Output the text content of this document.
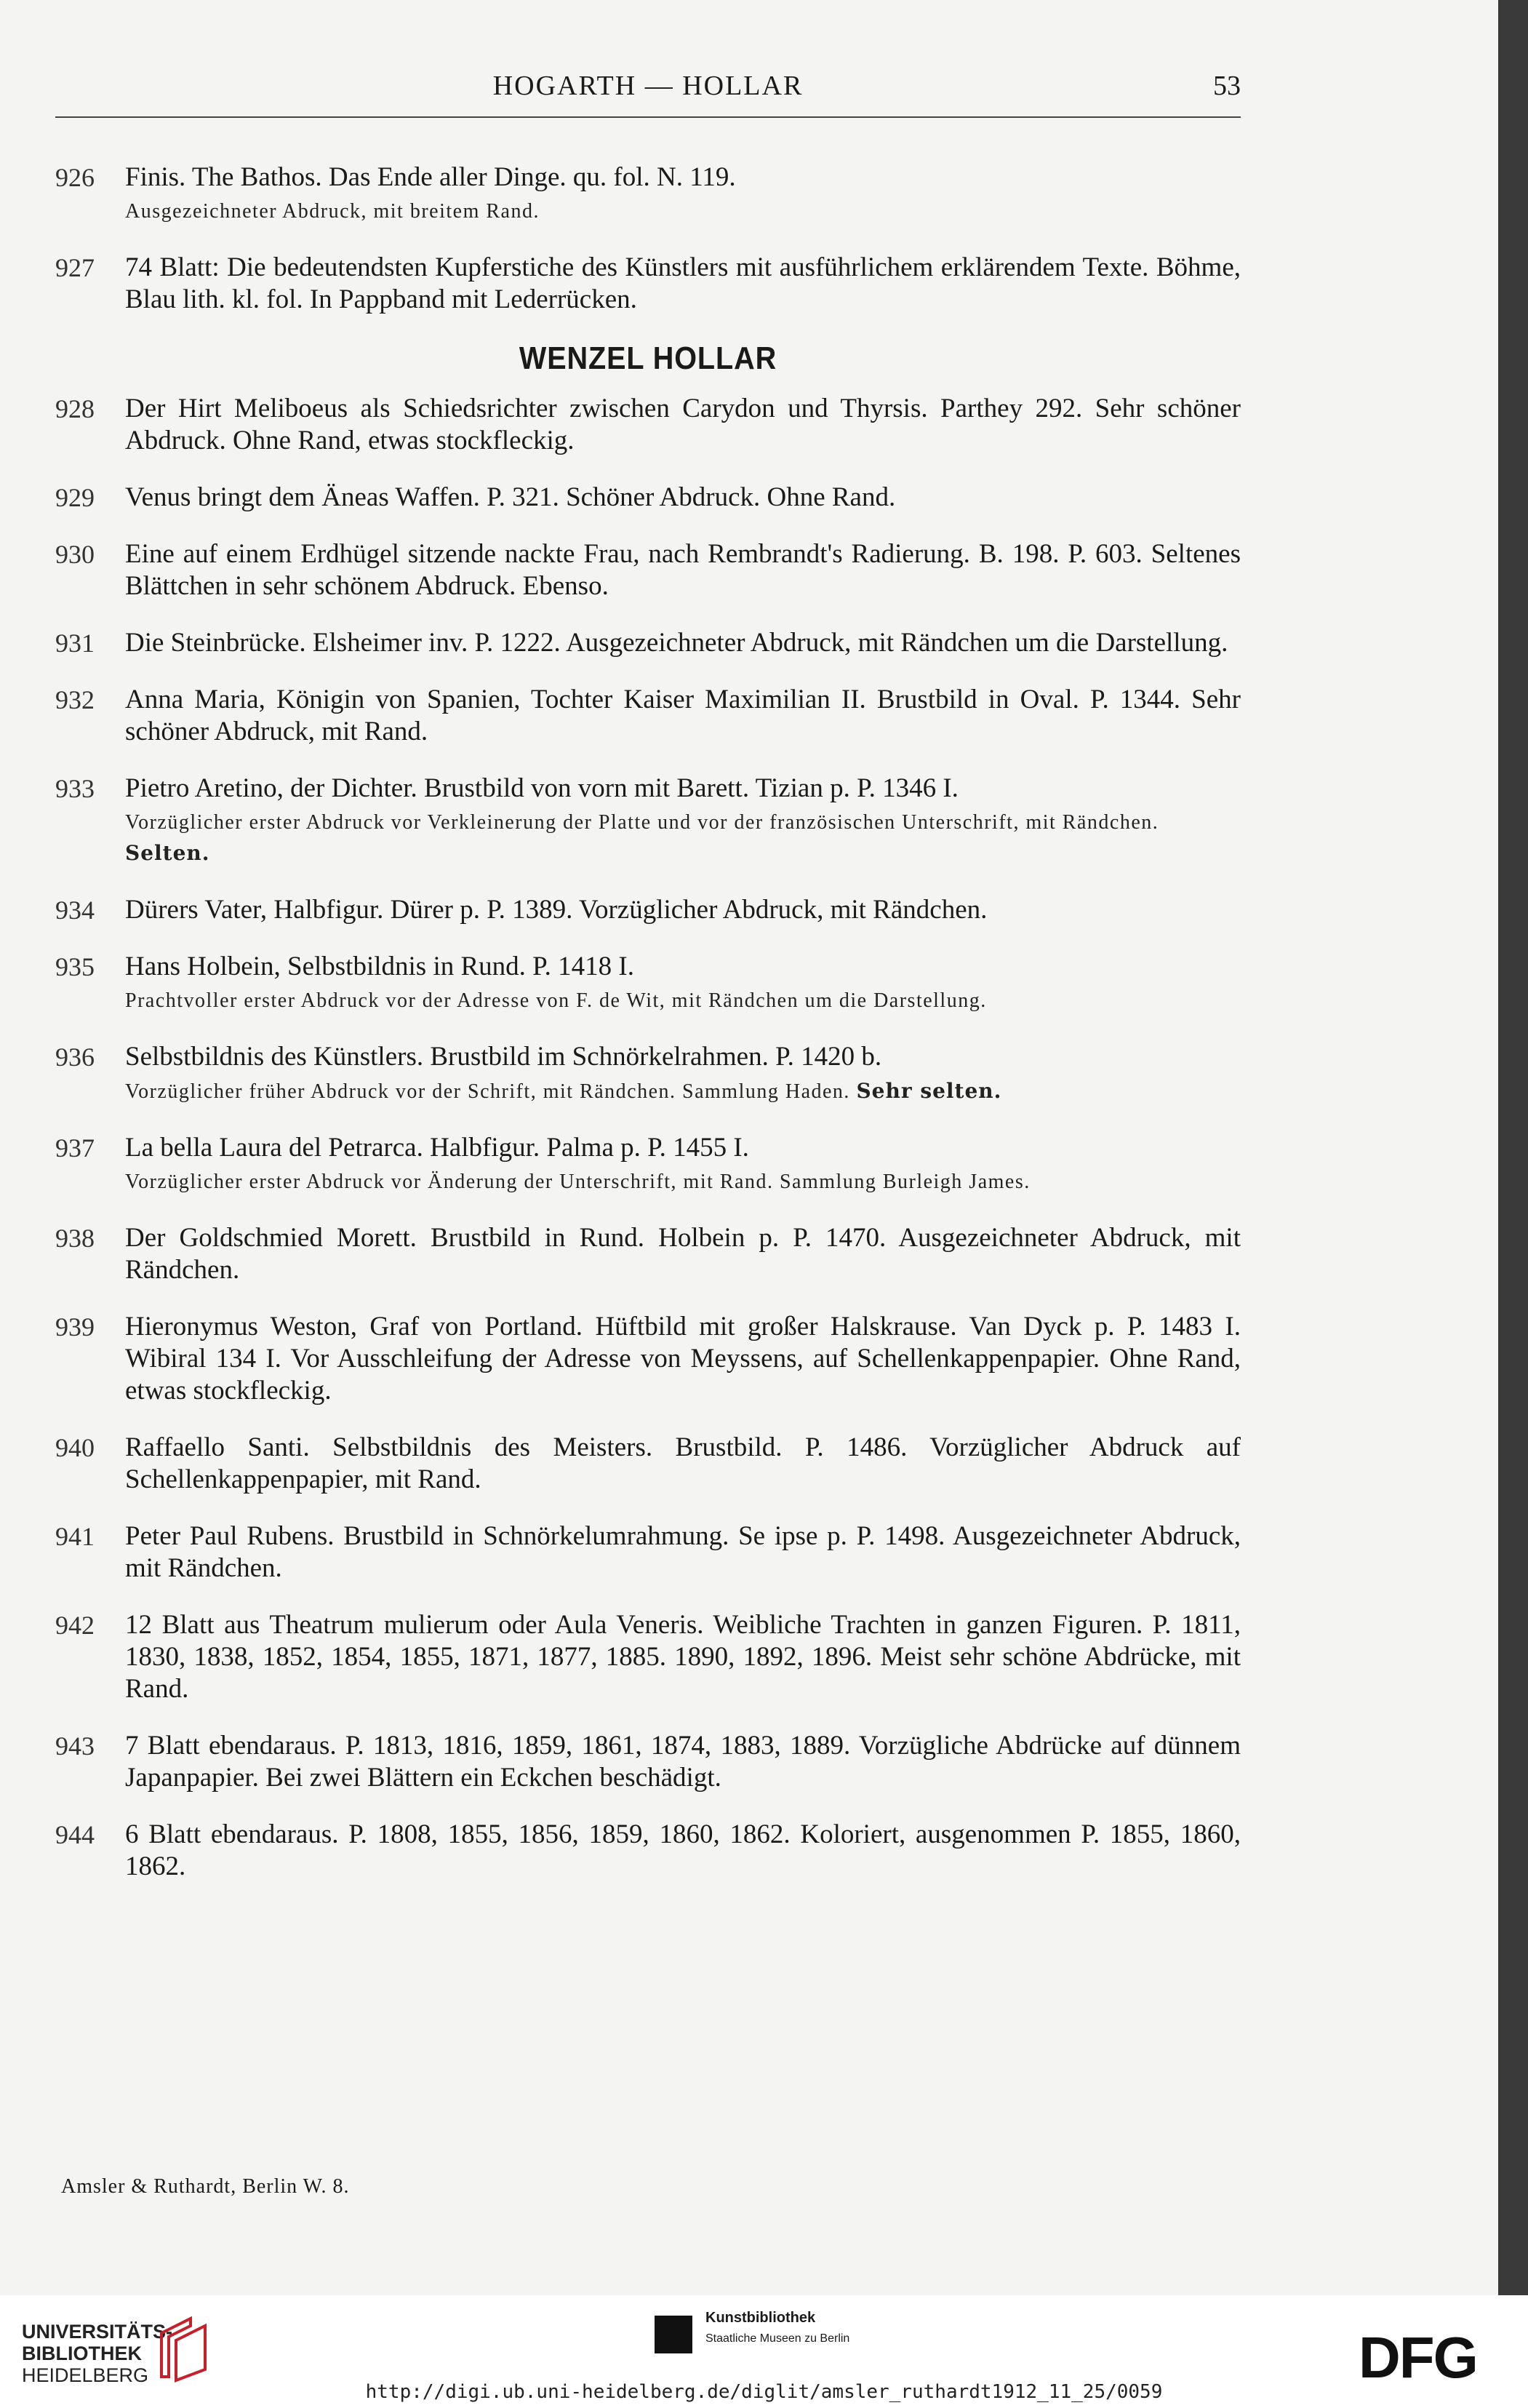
HOGARTH — HOLLAR	53
926	Finis. The Bathos. Das Ende aller Dinge. qu. fol. N. 119.
Ausgezeichneter Abdruck, mit breitem Rand.
927	74 Blatt: Die bedeutendsten Kupferstiche des Künstlers mit ausführlichem erklärendem Texte. Böhme, Blau lith. kl. fol. In Pappband mit Lederrücken.
WENZEL HOLLAR
928	Der Hirt Meliboeus als Schiedsrichter zwischen Carydon und Thyrsis. Parthey 292. Sehr schöner Abdruck. Ohne Rand, etwas stockfleckig.
929	Venus bringt dem Äneas Waffen. P. 321. Schöner Abdruck. Ohne Rand.
930	Eine auf einem Erdhügel sitzende nackte Frau, nach Rembrandt's Radierung. B. 198. P. 603. Seltenes Blättchen in sehr schönem Abdruck. Ebenso.
931	Die Steinbrücke. Elsheimer inv. P. 1222. Ausgezeichneter Abdruck, mit Rändchen um die Darstellung.
932	Anna Maria, Königin von Spanien, Tochter Kaiser Maximilian II. Brustbild in Oval. P. 1344. Sehr schöner Abdruck, mit Rand.
933	Pietro Aretino, der Dichter. Brustbild von vorn mit Barett. Tizian p. P. 1346 I.
Vorzüglicher erster Abdruck vor Verkleinerung der Platte und vor der französischen Unterschrift, mit Rändchen. Selten.
934	Dürers Vater, Halbfigur. Dürer p. P. 1389. Vorzüglicher Abdruck, mit Rändchen.
935	Hans Holbein, Selbstbildnis in Rund. P. 1418 I.
Prachtvoller erster Abdruck vor der Adresse von F. de Wit, mit Rändchen um die Darstellung.
936	Selbstbildnis des Künstlers. Brustbild im Schnörkelrahmen. P. 1420 b.
Vorzüglicher früher Abdruck vor der Schrift, mit Rändchen. Sammlung Haden. Sehr selten.
937	La bella Laura del Petrarca. Halbfigur. Palma p. P. 1455 I.
Vorzüglicher erster Abdruck vor Änderung der Unterschrift, mit Rand. Sammlung Burleigh James.
938	Der Goldschmied Morett. Brustbild in Rund. Holbein p. P. 1470. Ausgezeichneter Abdruck, mit Rändchen.
939	Hieronymus Weston, Graf von Portland. Hüftbild mit großer Halskrause. Van Dyck p. P. 1483 I. Wibiral 134 I. Vor Ausschleifung der Adresse von Meyssens, auf Schellenkappenpapier. Ohne Rand, etwas stockfleckig.
940	Raffaello Santi. Selbstbildnis des Meisters. Brustbild. P. 1486. Vorzüglicher Abdruck auf Schellenkappenpapier, mit Rand.
941	Peter Paul Rubens. Brustbild in Schnörkelumrahmung. Se ipse p. P. 1498. Ausgezeichneter Abdruck, mit Rändchen.
942	12 Blatt aus Theatrum mulierum oder Aula Veneris. Weibliche Trachten in ganzen Figuren. P. 1811, 1830, 1838, 1852, 1854, 1855, 1871, 1877, 1885. 1890, 1892, 1896. Meist sehr schöne Abdrücke, mit Rand.
943	7 Blatt ebendaraus. P. 1813, 1816, 1859, 1861, 1874, 1883, 1889. Vorzügliche Abdrücke auf dünnem Japanpapier. Bei zwei Blättern ein Eckchen beschädigt.
944	6 Blatt ebendaraus. P. 1808, 1855, 1856, 1859, 1860, 1862. Koloriert, ausgenommen P. 1855, 1860, 1862.
Amsler & Ruthardt, Berlin W. 8.
UNIVERSITÄTS-
BIBLIOTHEK
HEIDELBERG
Kunstbibliothek
Staatliche Museen zu Berlin	DFG
http://digi.ub.uni-heidelberg.de/diglit/amsler_ruthardt1912_11_25/0059
